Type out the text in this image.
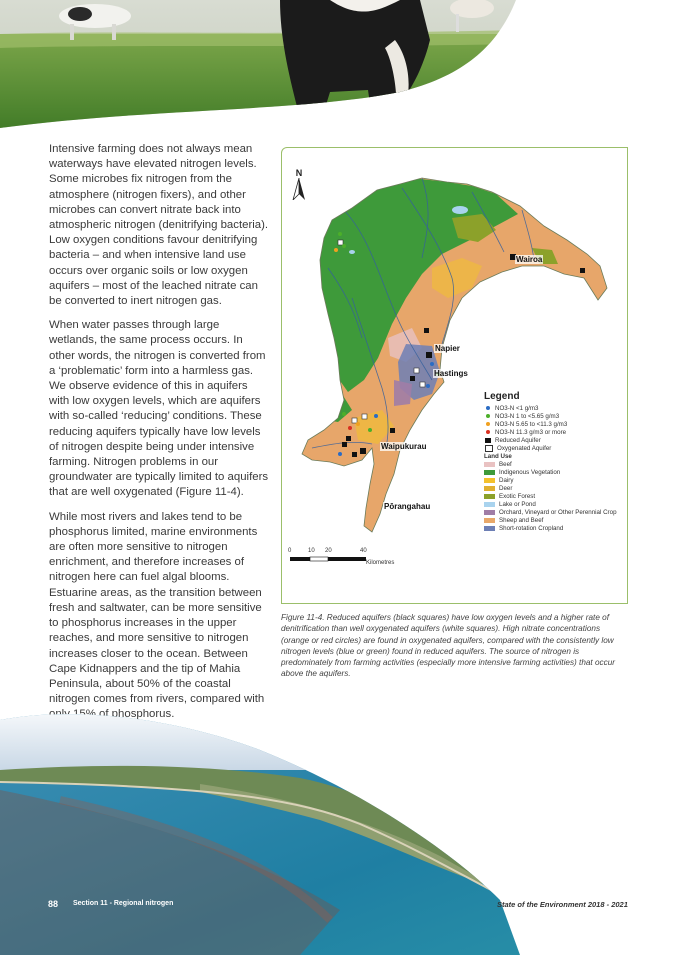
Intensive farming does not always mean waterways have elevated nitrogen levels. Some microbes fix nitrogen from the atmosphere (nitrogen fixers), and other microbes can convert nitrate back into atmospheric nitrogen (denitrifying bacteria). Low oxygen conditions favour denitrifying bacteria – and when intensive land use occurs over organic soils or low oxygen aquifers – most of the leached nitrate can be converted to inert nitrogen gas.

When water passes through large wetlands, the same process occurs. In other words, the nitrogen is converted from a ‘problematic’ form into a harmless gas. We observe evidence of this in aquifers with low oxygen levels, which are aquifers with so-called ‘reducing’ conditions. These reducing aquifers typically have low levels of nitrogen despite being under intensive farming. Nitrogen problems in our groundwater are typically limited to aquifers that are well oxygenated (Figure 11-4).

While most rivers and lakes tend to be phosphorus limited, marine environments are often more sensitive to nitrogen enrichment, and therefore increases of nitrogen here can fuel algal blooms. Estuarine areas, as the transition between fresh and saltwater, can be more sensitive to phosphorus increases in the upper reaches, and more sensitive to nitrogen increases closer to the ocean. Between Cape Kidnappers and the tip of Mahia Peninsula, about 50% of the coastal nitrogen comes from rivers, compared with only 15% of phosphorus.

N
Wairoa
Napier
Hastings
Waipukurau
Pōrangahau
Legend
NO3-N <1 g/m3
NO3-N 1 to <5.65 g/m3
NO3-N 5.65 to <11.3 g/m3
NO3-N 11.3 g/m3 or more
Reduced Aquifer
Oxygenated Aquifer
Land Use
Beef
Indigenous Vegetation
Dairy
Deer
Exotic Forest
Lake or Pond
Orchard, Vineyard or Other Perennial Crop
Sheep and Beef
Short-rotation Cropland
0	10 20	40
Kilometres

Figure 11-4. Reduced aquifers (black squares) have low oxygen levels and a higher rate of denitrification than well oxygenated aquifers (white squares). High nitrate concentrations (orange or red circles) are found in oxygenated aquifers, compared with the consistently low nitrogen levels (blue or green) found in reduced aquifers. The source of nitrogen is predominately from farming activities (especially more intensive farming activities) that occur above the aquifers.

88 Section 11 - Regional nitrogen	State of the Environment 2018 - 2021
